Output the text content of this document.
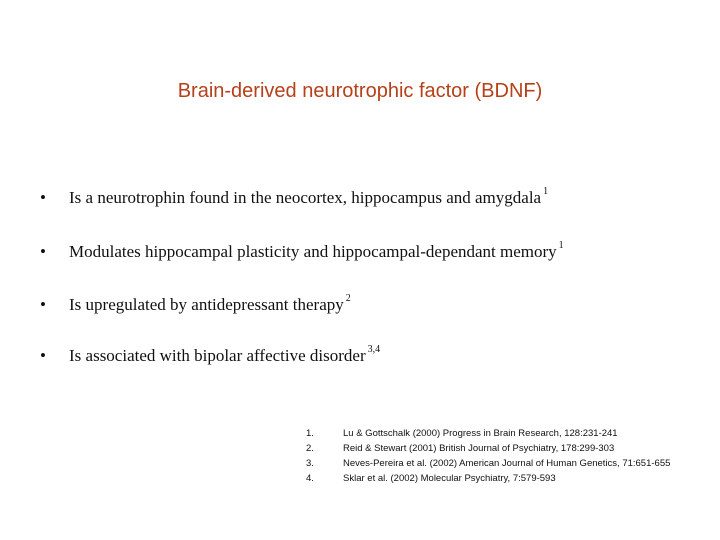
Brain-derived neurotrophic factor (BDNF)
• Is a neurotrophin found in the neocortex, hippocampus and amygdala $^1$
• Modulates hippocampal plasticity and hippocampal-dependant memory $^1$
• Is upregulated by antidepressant therapy $^2$
• Is associated with bipolar affective disorder $^{3,4}$
1.	Lu & Gottschalk (2000) Progress in Brain Research, 128:231-241
2.	Reid & Stewart (2001) British Journal of Psychiatry, 178:299-303
3.	Neves-Pereira et al. (2002) American Journal of Human Genetics, 71:651-655
4.	Sklar et al. (2002) Molecular Psychiatry, 7:579-593
